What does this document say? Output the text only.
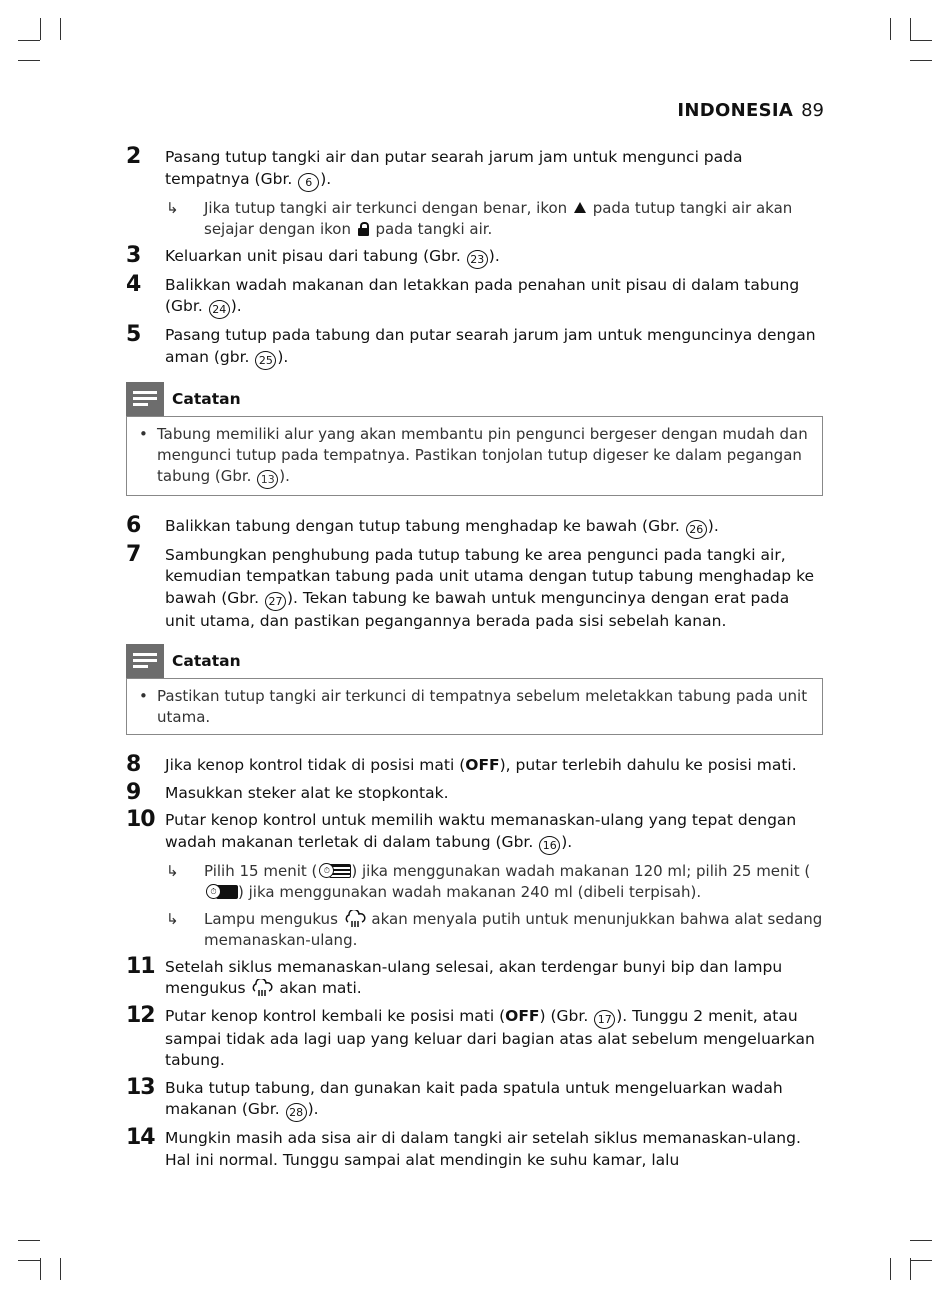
INDONESIA 89
2 Pasang tutup tangki air dan putar searah jarum jam untuk mengunci pada tempatnya (Gbr. 6 ).
↳ Jika tutup tangki air terkunci dengan benar, ikon  pada tutup tangki air akan sejajar dengan ikon  pada tangki air.
3 Keluarkan unit pisau dari tabung (Gbr. 23 ).
4 Balikkan wadah makanan dan letakkan pada penahan unit pisau di dalam tabung (Gbr. 24 ).
5 Pasang tutup pada tabung dan putar searah jarum jam untuk menguncinya dengan aman (gbr. 25 ).
Catatan
• Tabung memiliki alur yang akan membantu pin pengunci bergeser dengan mudah dan mengunci tutup pada tempatnya. Pastikan tonjolan tutup digeser ke dalam pegangan tabung (Gbr. 13 ).
6 Balikkan tabung dengan tutup tabung menghadap ke bawah (Gbr. 26 ).
7 Sambungkan penghubung pada tutup tabung ke area pengunci pada tangki air, kemudian tempatkan tabung pada unit utama dengan tutup tabung menghadap ke bawah (Gbr. 27 ). Tekan tabung ke bawah untuk menguncinya dengan erat pada unit utama, dan pastikan pegangannya berada pada sisi sebelah kanan.
Catatan
• Pastikan tutup tangki air terkunci di tempatnya sebelum meletakkan tabung pada unit utama.
8 Jika kenop kontrol tidak di posisi mati (OFF), putar terlebih dahulu ke posisi mati.
9 Masukkan steker alat ke stopkontak.
10 Putar kenop kontrol untuk memilih waktu memanaskan-ulang yang tepat dengan wadah makanan terletak di dalam tabung (Gbr. 16 ).
↳ Pilih 15 menit ( ⏱ ) jika menggunakan wadah makanan 120 ml; pilih 25 menit (
⏱ ) jika menggunakan wadah makanan 240 ml (dibeli terpisah).
↳ Lampu mengukus  akan menyala putih untuk menunjukkan bahwa alat sedang memanaskan-ulang.
11 Setelah siklus memanaskan-ulang selesai, akan terdengar bunyi bip dan lampu mengukus  akan mati.
12 Putar kenop kontrol kembali ke posisi mati (OFF) (Gbr. 17 ). Tunggu 2 menit, atau sampai tidak ada lagi uap yang keluar dari bagian atas alat sebelum mengeluarkan tabung.
13 Buka tutup tabung, dan gunakan kait pada spatula untuk mengeluarkan wadah makanan (Gbr. 28 ).
14 Mungkin masih ada sisa air di dalam tangki air setelah siklus memanaskan-ulang. Hal ini normal. Tunggu sampai alat mendingin ke suhu kamar, lalu
